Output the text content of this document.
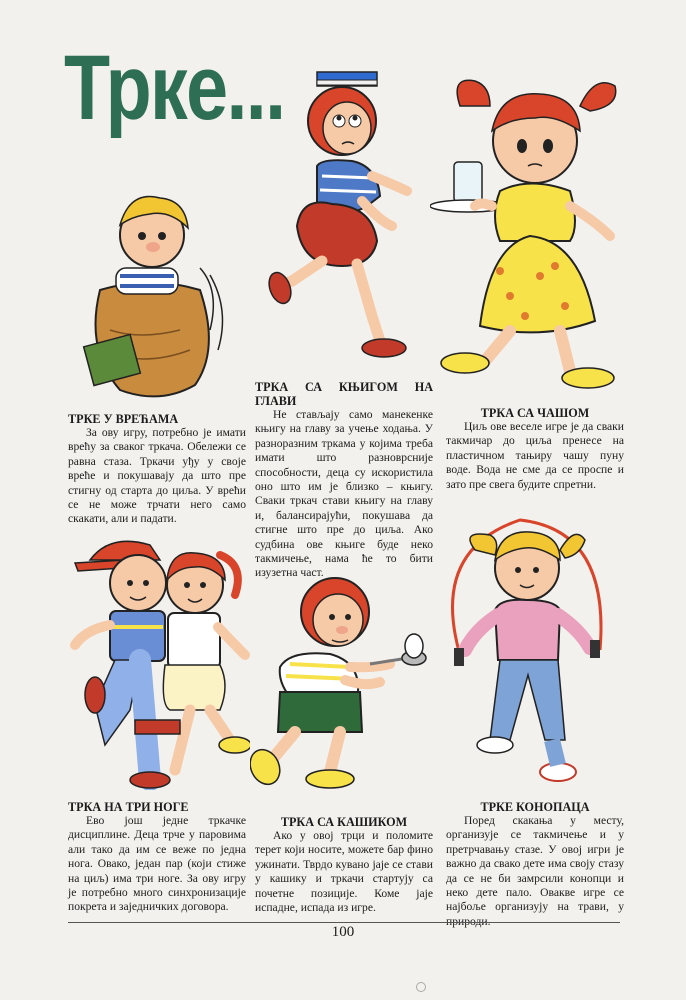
Трке...
ТРКЕ У ВРЕЋАМА

За ову игру, потребно је имати врећу за сваког тркача. Обележи се равна стаза. Тркачи уђу у своје вреће и покушавају да што пре стигну од старта до циља. У врећи се не може трчати него само скакати, али и падати.

ТРКА СА КЊИГОМ НА ГЛАВИ

Не стављају само манекенке књигу на главу за учење ходања. У разноразним тркама у којима треба имати што разноврсније способности, деца су искористила оно што им је близко – књигу. Сваки тркач стави књигу на главу и, балансирајући, покушава да стигне што пре до циља. Ако судбина ове књиге буде неко такмичење, нама ће то бити изузетна част.

ТРКА СА ЧАШОМ

Циљ ове веселе игре је да сваки такмичар до циља пренесе на пластичном тањиру чашу пуну воде. Вода не сме да се проспе и зато пре свега будите спретни.

ТРКА НА ТРИ НОГЕ

Ево још једне тркачке дисциплине. Деца трче у паровима али тако да им се веже по једна нога. Овако, један пар (који стиже на циљ) има три ноге. За ову игру је потребно много синхронизације покрета и заједничких договора.

ТРКА СА КАШИКОМ

Ако у овој трци и поломите терет који носите, можете бар фино ужинати. Тврдо кувано јаје се стави у кашику и тркачи стартују са почетне позиције. Коме јаје испадне, испада из игре.

ТРКЕ КОНОПАЦА

Поред скакања у месту, организује се такмичење и у претрчавању стазе. У овој игри је важно да свако дете има своју стазу да се не би замрсили конопци и неко дете пало. Овакве игре се најбоље организују на трави, у

100
